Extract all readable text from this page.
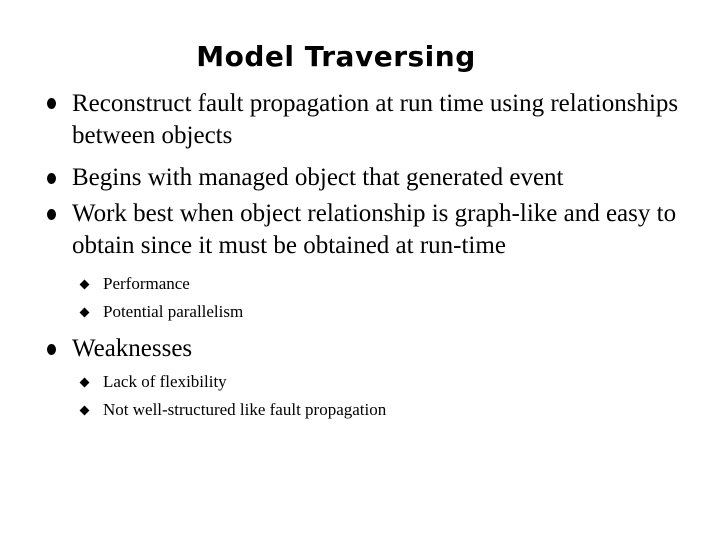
Model Traversing
Reconstruct fault propagation at run time using relationships between objects
Begins with managed object that generated event
Work best when object relationship is graph-like and easy to obtain since it must be obtained at run-time
Performance
Potential parallelism
Weaknesses
Lack of flexibility
Not well-structured like fault propagation
